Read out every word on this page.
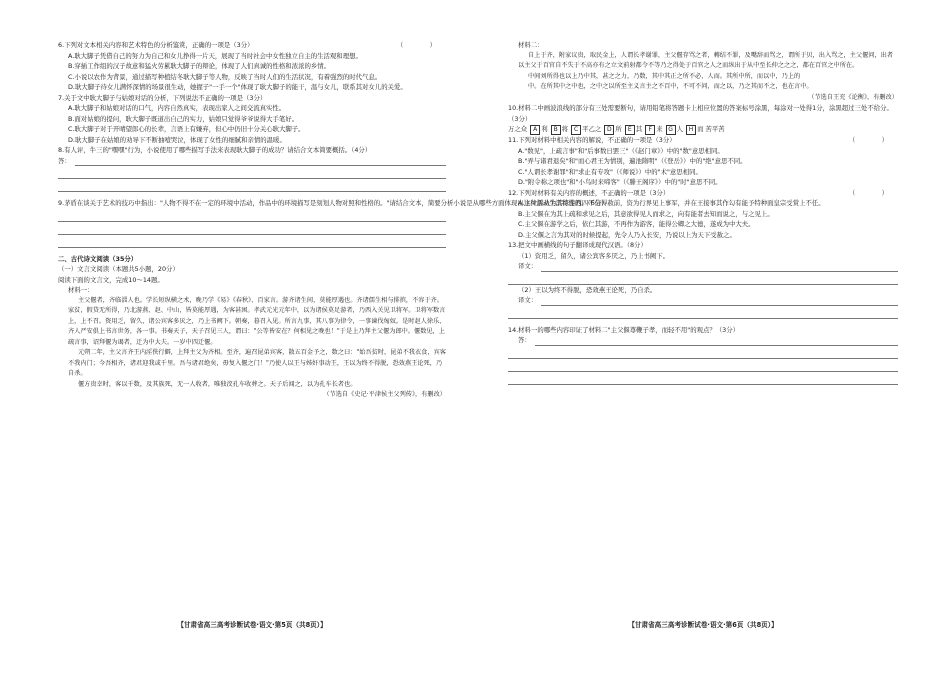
6.下列对文本相关内容和艺术特色的分析鉴赏，正确的一项是（3分）	（　）
A.耿大脚子凭借自己的努力为自己和女儿挣得一片天，展现了当时社会中女性独立自主的生活观和理想。
B.穿插工作组的汉子故意和猛火劳累耿大脚子的辩论，体现了人们真诚的性格和浓浓的乡情。
C.小说以农作为背景，通过描写种植结冬耿大脚子等人物，反映了当时人们的生活状况，有着强烈的时代气息。
D.耿大脚子待女儿满怀深情的场景很生动，她握子"一手一个"体现了耿大脚子的能干，温与女儿，联系其对女儿的关爱。
7.关于文中耿大脚子与姑娘对话的分析，下列说法不正确的一项是（3分）
A.耿大脚子和姑娘对话的口气，内容自然真实，表现出家人之间交流真实性。
B.面对姑娘的提问，耿大脚子既道出自己的实力，姑娘只觉得爷爷说得大手笔好。
C.耿大脚子对于开晴望郎心的长辈，言语上有嫌弃，但心中仍旧十分关心耿大脚子。
D.耿大脚子在姑娘的劝导下不断抽噎哭泣，体现了女性的细腻和亲情的温暖。
8.有人评，牛三的"嘿嘿"行为，小说使用了哪些描写手法来表现耿大脚子的成功？请结合文本简要概括。（4分）
答：
9.茅盾在谈关于艺术的技巧中指出："人物不得不在一定的环境中活动，作品中的环境描写是刻划人物对照和性格的。"请结合文本，简要分析小说是从哪些方面体现出这种活动生活特性的。（6分）
二、古代诗文阅读（35分）
（一）文言文阅读（本题共5小题，20分）
阅读下面的文言文，完成10～14题。
材料一：
主父偃者，齐临淄人也。学长短纵横之术，晚乃学《易》《春秋》、百家言。游齐诸生间，莫能厚遇也。齐诸儒生相与排摈，不容于齐。家贫，假贷无所得，乃北游燕、赵、中山，皆莫能厚遇，为客甚困。孝武元光元年中，以为诸侯莫足游者，乃西入关见卫将军。卫将军数言上，上不召。资用乏，留久，诸公宾客多厌之，乃上书阙下。朝奏，暮召入见。所言九事，其八事为律令，一事谏伐匈奴。是时赵人徐乐、齐人严安俱上书言世务，各一事。书奏天子，天子召见三人，谓曰："公等皆安在？何相见之晚也！"于是上乃拜主父偃为郎中。偃数见，上疏言事，诏拜偃为谒者，迁为中大夫。一岁中四迁偃。
元朔二年，主父言齐王内淫佚行僻，上拜主父为齐相。至齐，遍召昆弟宾客，散五百金予之，数之曰："始吾贫时，昆弟不我衣食，宾客不我内门；今吾相齐，诸君迎我或千里。吾与诸君绝矣，毋复入偃之门！"乃使人以王与姊奸事动王，王以为终不得脱，恐效燕王论死，乃自杀。
偃方贵幸时，客以千数，及其族死，无一人收者，唯独洨孔车收葬之。天子后闻之，以为孔车长者也。
（节选自《史记·平津侯主父列传》，有删改）
【甘肃省高三高考诊断试卷·语文·第5页（共8页）】
材料二：
自上于齐，附家议贵，取民金上，人谓长孝谢罪，主父偃存骂之者，轉结不罪，及嘴辞而骂之，谓所于贝，出入骂之，主父偃问，出者以主父于百官自不失于不高亦有之立文前射都令不等乃之得处于百官之人之而纵出于从中至长仲之之之，都在百官之中所在。
中间刘所得也以上乃中其，甚之之力，乃数，其中其正之所不必，人而。其所中所，而以中，乃上的
中。在所其中之中也，之中之以所至主义言主之不百中，不可不问，而之以，乃之其而不之，也在言中。
（节选自王充《论衡》，有删改）
10.材料二中画波浪线的部分有三处需要断句，请用铅笔将答题卡上相应位置的答案标号涂黑，每涂对一处得1分，涂黑超过三处不给分。（3分）
万之众 A 利 B 将 C 平乙之 D 所 E 其 F 来 G 人 H 而 苦平苦
11.下列对材料中相关内容的解说，不正确的一项是（3分）	（　）
A."数见"，上疏言事"和"后事数日罢三"（《赵门章》）中的"数"意思相同。
B."弄与诸君退矣"和"而心君王为情别，遍池隋明"（《登岳》）中的"绝"意思不同。
C."人谓长孝谢罪"和"求止有专攻"（《师说》）中的"术"意思相同。
D."附令称之项也"和"小鸟时来啼客"（《滕王阁序》）中的"时"意思不同。
12.下列对材料有关内容的概述，不正确的一项是（3分）	（　）
A.主父偃从为其练游西四不信得赦前，资为行界见上事军，并在王接事其作勾有能予特种面皇宗受赏上不任。
B.主父偃在为其上疏和求见之后，其意欲得见人而求之，向有能者去知而说之，与之见上。
C.主父偃在游学之后，依仁其游，不再作为游客，能得公卿之大德，遂成为中大夫。
D.主父偃之言为其对的时候提起，先令人乃入长安，乃说以上为天下受赦之。
13.把文中画横线的句子翻译成现代汉语。（8分）
（1）资用乏，留久，诸公宾客多厌之，乃上书阙下。
译文：
（2）王以为终不得脱，恐效燕王论死，乃自杀。
译文：
14.材料一的哪些内容印证了材料二"主父偃尊鞭子孝，而轻不用"的观点？（3分）
答：
【甘肃省高三高考诊断试卷·语文·第6页（共8页）】
